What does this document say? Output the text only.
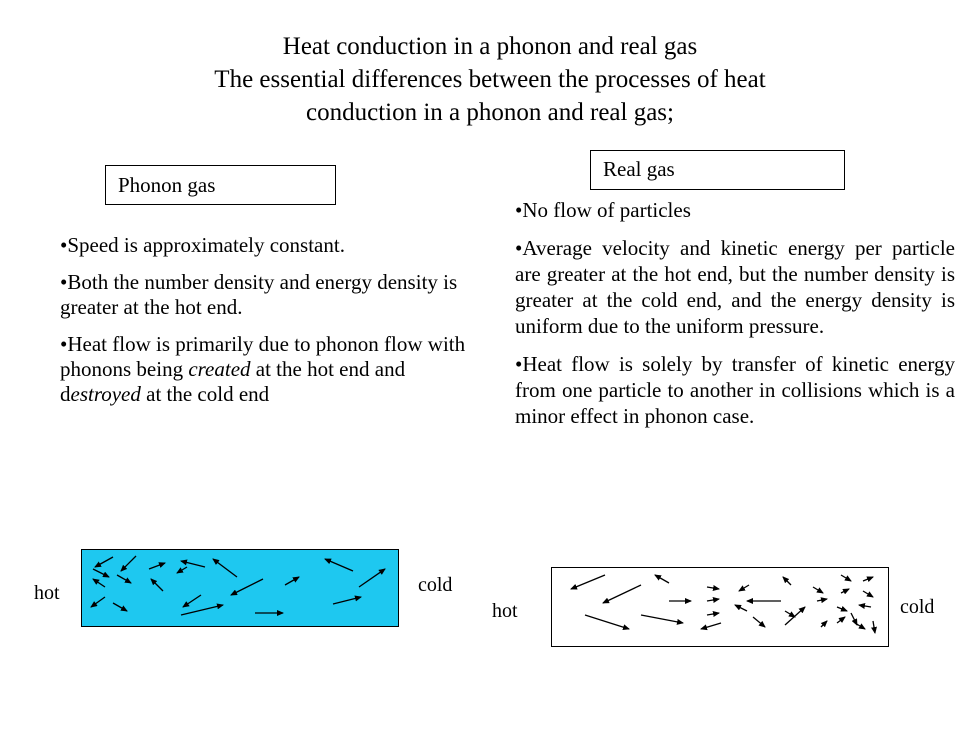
Heat conduction in a phonon and real gas
The essential differences between the processes of heat
conduction in a phonon and real gas;
Phonon gas

•Speed is approximately constant.

•Both the number density and energy density is greater at the hot end.

•Heat flow is primarily due to phonon flow with phonons being created at the hot end and destroyed at the cold end

hot	cold
Real gas

•No flow of particles

•Average velocity and kinetic energy per particle are greater at the hot end, but the number density is greater at the cold end, and the energy density is uniform due to the uniform pressure.

•Heat flow is solely by transfer of kinetic energy from one particle to another in collisions which is a minor effect in phonon case.

hot	cold
